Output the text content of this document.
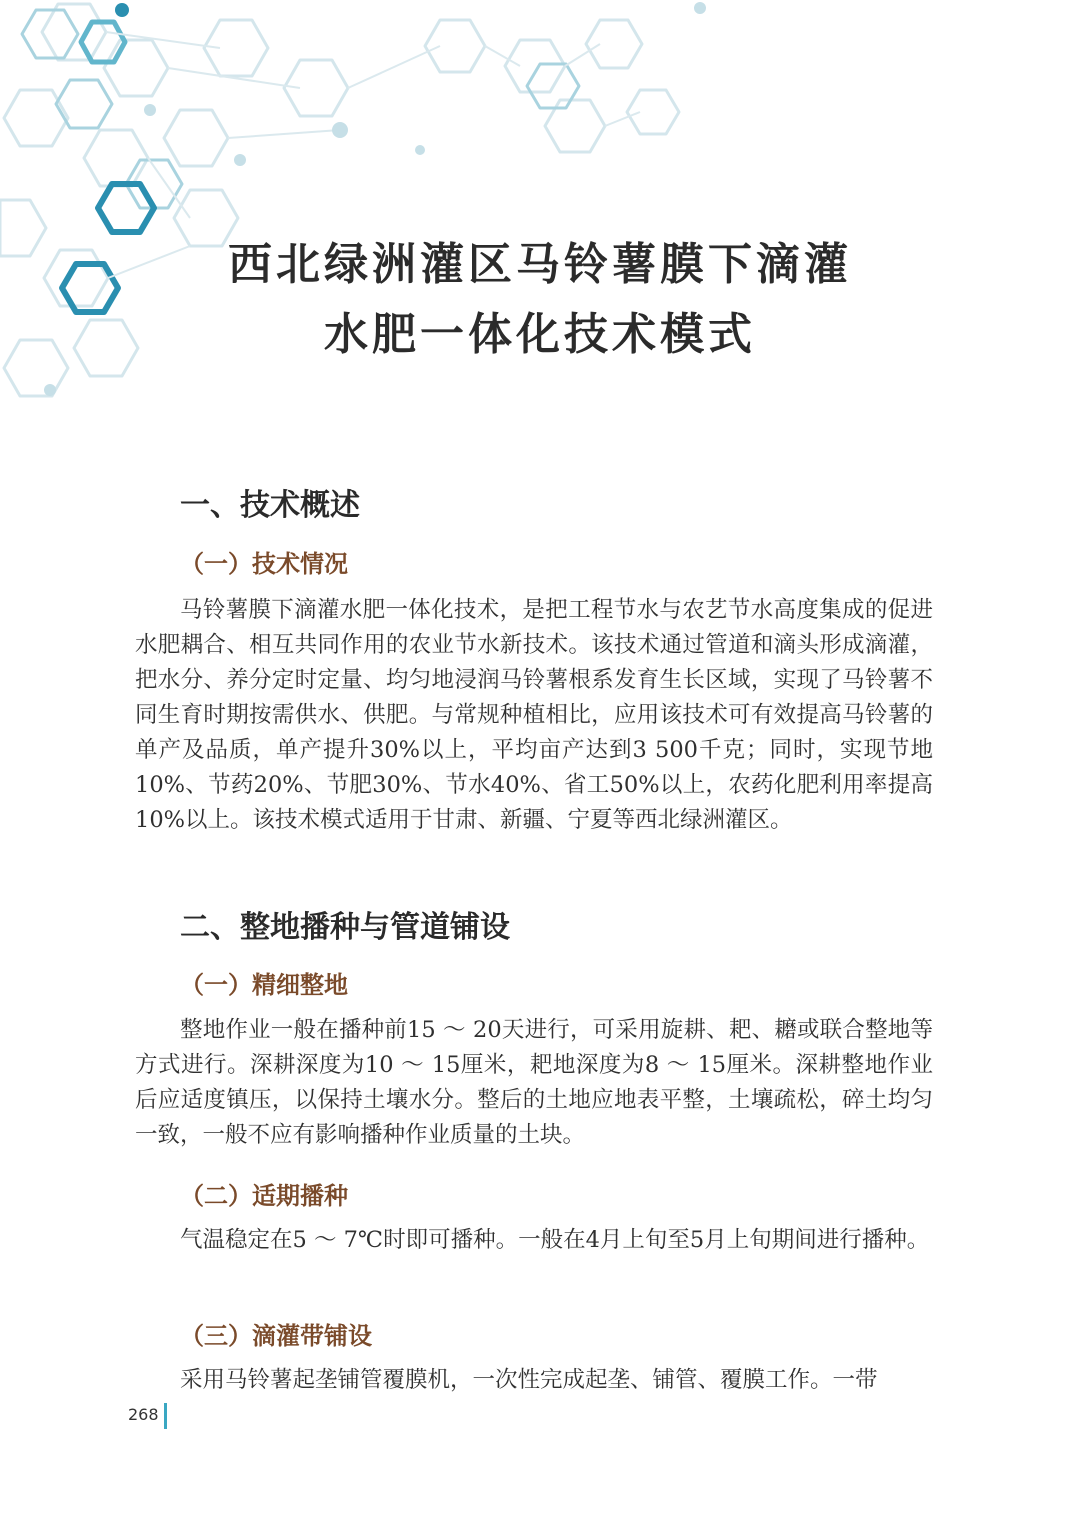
西北绿洲灌区马铃薯膜下滴灌
水肥一体化技术模式
一、技术概述
（一）技术情况

马铃薯膜下滴灌水肥一体化技术，是把工程节水与农艺节水高度集成的促进水肥耦合、相互共同作用的农业节水新技术。该技术通过管道和滴头形成滴灌，把水分、养分定时定量、均匀地浸润马铃薯根系发育生长区域，实现了马铃薯不同生育时期按需供水、供肥。与常规种植相比，应用该技术可有效提高马铃薯的单产及品质，单产提升30%以上，平均亩产达到3 500千克；同时，实现节地10%、节药20%、节肥30%、节水40%、省工50%以上，农药化肥利用率提高10%以上。该技术模式适用于甘肃、新疆、宁夏等西北绿洲灌区。

二、整地播种与管道铺设
（一）精细整地

整地作业一般在播种前15 ～ 20天进行，可采用旋耕、耙、耱或联合整地等方式进行。深耕深度为10 ～ 15厘米，耙地深度为8 ～ 15厘米。深耕整地作业后应适度镇压，以保持土壤水分。整后的土地应地表平整，土壤疏松，碎土均匀一致，一般不应有影响播种作业质量的土块。

（二）适期播种

气温稳定在5 ～ 7℃时即可播种。一般在4月上旬至5月上旬期间进行播种。

（三）滴灌带铺设

采用马铃薯起垄铺管覆膜机，一次性完成起垄、铺管、覆膜工作。一带

268
